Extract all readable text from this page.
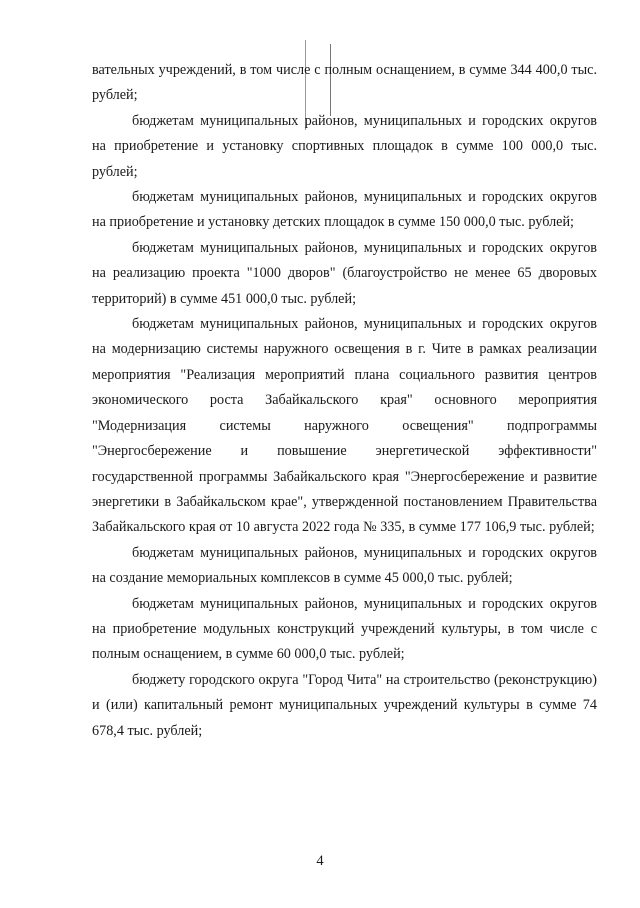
вательных учреждений, в том числе с полным оснащением, в сумме 344 400,0 тыс. рублей;

бюджетам муниципальных районов, муниципальных и городских округов на приобретение и установку спортивных площадок в сумме 100 000,0 тыс. рублей;

бюджетам муниципальных районов, муниципальных и городских округов на приобретение и установку детских площадок в сумме 150 000,0 тыс. рублей;

бюджетам муниципальных районов, муниципальных и городских округов на реализацию проекта "1000 дворов" (благоустройство не менее 65 дворовых территорий) в сумме 451 000,0 тыс. рублей;

бюджетам муниципальных районов, муниципальных и городских округов на модернизацию системы наружного освещения в г. Чите в рамках реализации мероприятия "Реализация мероприятий плана социального развития центров экономического роста Забайкальского края" основного мероприятия "Модернизация системы наружного освещения" подпрограммы "Энергосбережение и повышение энергетической эффективности" государственной программы Забайкальского края "Энергосбережение и развитие энергетики в Забайкальском крае", утвержденной постановлением Правительства Забайкальского края от 10 августа 2022 года № 335, в сумме 177 106,9 тыс. рублей;

бюджетам муниципальных районов, муниципальных и городских округов на создание мемориальных комплексов в сумме 45 000,0 тыс. рублей;

бюджетам муниципальных районов, муниципальных и городских округов на приобретение модульных конструкций учреждений культуры, в том числе с полным оснащением, в сумме 60 000,0 тыс. рублей;

бюджету городского округа "Город Чита" на строительство (реконструкцию) и (или) капитальный ремонт муниципальных учреждений культуры в сумме 74 678,4 тыс. рублей;

4
